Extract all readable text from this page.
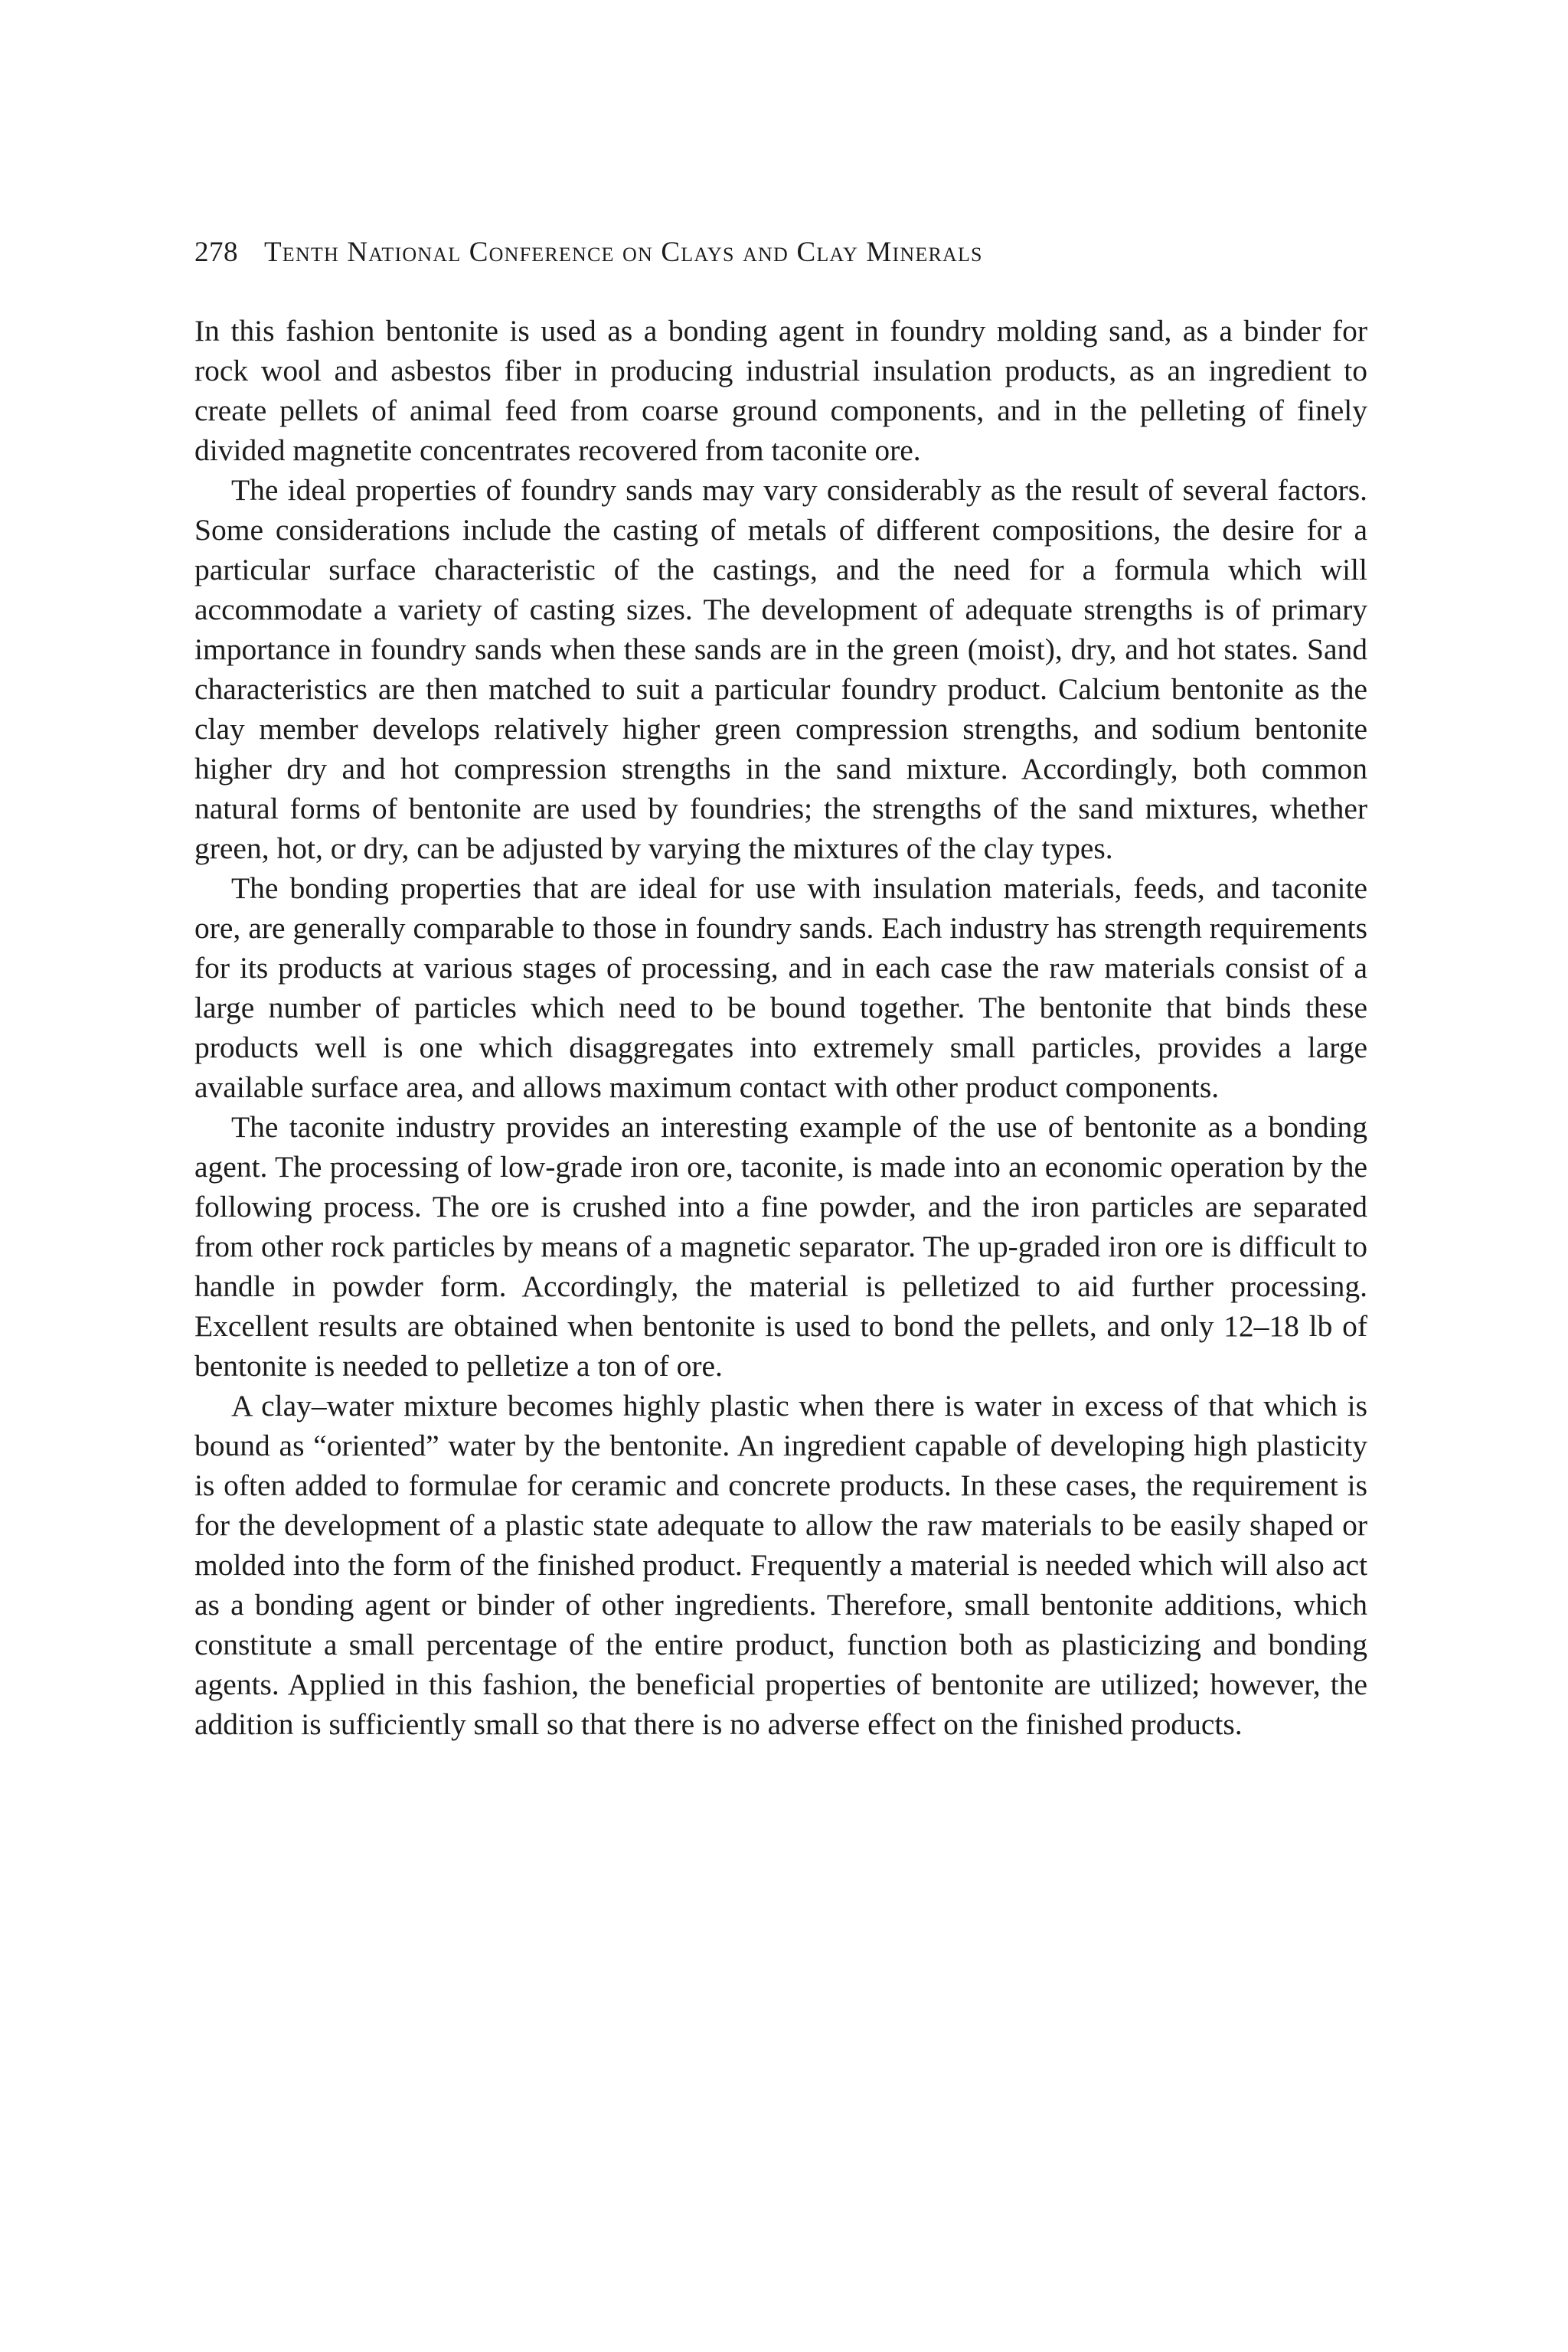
278 Tenth National Conference on Clays and Clay Minerals

In this fashion bentonite is used as a bonding agent in foundry molding sand, as a binder for rock wool and asbestos fiber in producing industrial insulation products, as an ingredient to create pellets of animal feed from coarse ground components, and in the pelleting of finely divided magnetite concentrates recovered from taconite ore.

The ideal properties of foundry sands may vary considerably as the result of several factors. Some considerations include the casting of metals of different compositions, the desire for a particular surface characteristic of the castings, and the need for a formula which will accommodate a variety of casting sizes. The development of adequate strengths is of primary importance in foundry sands when these sands are in the green (moist), dry, and hot states. Sand characteristics are then matched to suit a particular foundry product. Calcium bentonite as the clay member develops relatively higher green compression strengths, and sodium bentonite higher dry and hot compression strengths in the sand mixture. Accordingly, both common natural forms of bentonite are used by foundries; the strengths of the sand mixtures, whether green, hot, or dry, can be adjusted by varying the mixtures of the clay types.

The bonding properties that are ideal for use with insulation materials, feeds, and taconite ore, are generally comparable to those in foundry sands. Each industry has strength requirements for its products at various stages of processing, and in each case the raw materials consist of a large number of particles which need to be bound together. The bentonite that binds these products well is one which disaggregates into extremely small particles, provides a large available surface area, and allows maximum contact with other product components.

The taconite industry provides an interesting example of the use of bentonite as a bonding agent. The processing of low-grade iron ore, taconite, is made into an economic operation by the following process. The ore is crushed into a fine powder, and the iron particles are separated from other rock particles by means of a magnetic separator. The up-graded iron ore is difficult to handle in powder form. Accordingly, the material is pelletized to aid further processing. Excellent results are obtained when bentonite is used to bond the pellets, and only 12–18 lb of bentonite is needed to pelletize a ton of ore.

A clay–water mixture becomes highly plastic when there is water in excess of that which is bound as “oriented” water by the bentonite. An ingredient capable of developing high plasticity is often added to formulae for ceramic and concrete products. In these cases, the requirement is for the development of a plastic state adequate to allow the raw materials to be easily shaped or molded into the form of the finished product. Frequently a material is needed which will also act as a bonding agent or binder of other ingredients. Therefore, small bentonite additions, which constitute a small percentage of the entire product, function both as plasticizing and bonding agents. Applied in this fashion, the beneficial properties of bentonite are utilized; however, the addition is sufficiently small so that there is no adverse effect on the finished products.
